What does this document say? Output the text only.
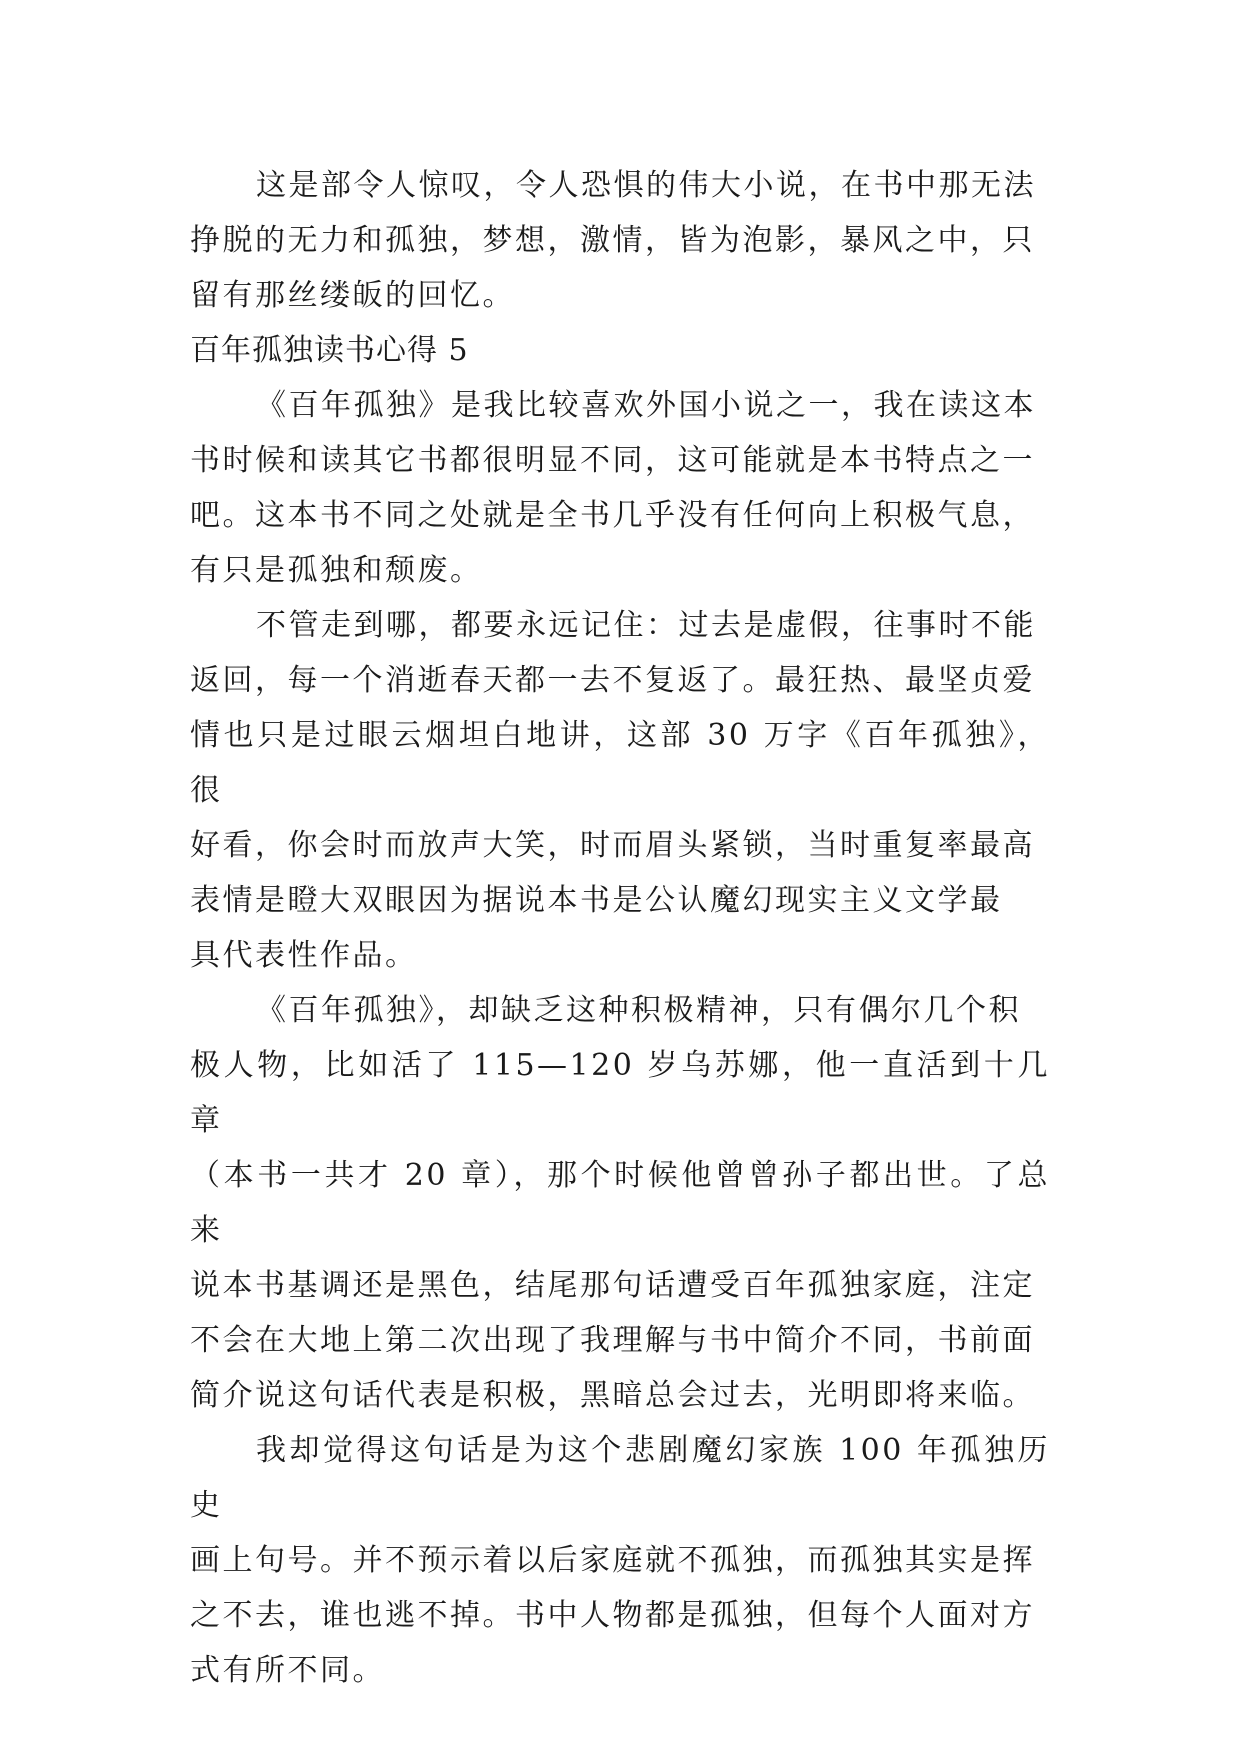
这是部令人惊叹，令人恐惧的伟大小说，在书中那无法
挣脱的无力和孤独，梦想，激情，皆为泡影，暴风之中，只
留有那丝缕皈的回忆。

百年孤独读书心得 5

《百年孤独》是我比较喜欢外国小说之一，我在读这本
书时候和读其它书都很明显不同，这可能就是本书特点之一
吧。这本书不同之处就是全书几乎没有任何向上积极气息，
有只是孤独和颓废。

不管走到哪，都要永远记住：过去是虚假，往事时不能
返回，每一个消逝春天都一去不复返了。最狂热、最坚贞爱
情也只是过眼云烟坦白地讲，这部 30 万字《百年孤独》，很
好看，你会时而放声大笑，时而眉头紧锁，当时重复率最高
表情是瞪大双眼因为据说本书是公认魔幻现实主义文学最
具代表性作品。

《百年孤独》，却缺乏这种积极精神，只有偶尔几个积
极人物，比如活了 115—120 岁乌苏娜，他一直活到十几章
（本书一共才 20 章），那个时候他曾曾孙子都出世。了总来
说本书基调还是黑色，结尾那句话遭受百年孤独家庭，注定
不会在大地上第二次出现了我理解与书中简介不同，书前面
简介说这句话代表是积极，黑暗总会过去，光明即将来临。

我却觉得这句话是为这个悲剧魔幻家族 100 年孤独历史
画上句号。并不预示着以后家庭就不孤独，而孤独其实是挥
之不去，谁也逃不掉。书中人物都是孤独，但每个人面对方
式有所不同。
